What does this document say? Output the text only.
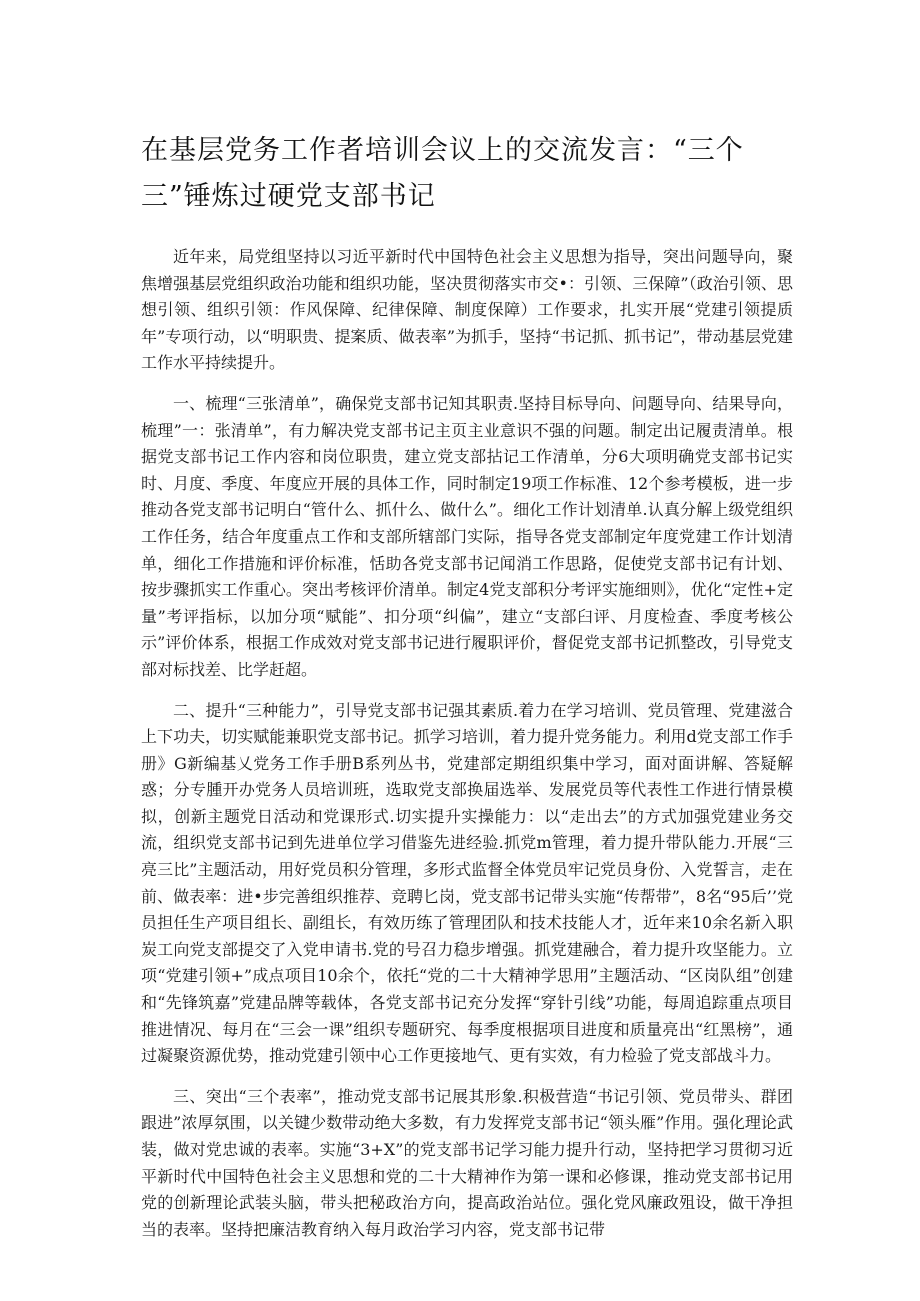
在基层党务工作者培训会议上的交流发言：“三个三”锤炼过硬党支部书记

近年来，局党组坚持以习近平新时代中国特色社会主义思想为指导，突出问题导向，聚焦增强基层党组织政治功能和组织功能，坚决贯彻落实市交•：引领、三保障”（政治引领、思想引领、组织引领：作风保障、纪律保障、制度保障）工作要求，扎实开展“党建引领提质年”专项行动，以“明职贵、提案质、做表率”为抓手，坚持“书记抓、抓书记”，带动基层党建工作水平持续提升。

一、梳理“三张清单”，确保党支部书记知其职责.坚持目标导向、问题导向、结果导向，梳理”一：张清单”，有力解决党支部书记主页主业意识不强的问题。制定出记履责清单。根据党支部书记工作内容和岗位职贵，建立党支部拈记工作清单，分6大项明确党支部书记实时、月度、季度、年度应开展的具体工作，同时制定19项工作标准、12个参考模板，进一步推动各党支部书记明白“管什么、抓什么、做什么”。细化工作计划清单.认真分解上级党组织工作任务，结合年度重点工作和支部所辖部门实际，指导各党支部制定年度党建工作计划清单，细化工作措施和评价标准，恬助各党支部书记闻消工作思路，促使党支部书记有计划、按步骤抓实工作重心。突出考核评价清单。制定4党支部积分考评实施细则》，优化“定性+定量”考评指标，以加分项“赋能”、扣分项“纠偏”，建立“支部臼评、月度检查、季度考核公示”评价体系，根据工作成效对党支部书记进行履职评价，督促党支部书记抓整改，引导党支部对标找差、比学赶超。

二、提升“三种能力”，引导党支部书记强其素质.着力在学习培训、党员管理、党建滋合上下功夫，切实赋能兼职党支部书记。抓学习培训，着力提升党务能力。利用d党支部工作手册》G新编基乂党务工作手册B系列丛书，党建部定期组织集中学习，面对面讲解、答疑解惑；分专腫开办党务人员培训班，选取党支部换届选举、发展党员等代表性工作进行情景模拟，创新主题党日活动和党课形式.切实提升实操能力：以“走出去”的方式加强党建业务交流，组织党支部书记到先进单位学习借鉴先进经验.抓党m管理，着力提升带队能力.开展“三亮三比”主题活动，用好党员积分管理，多形式监督全体党员牢记党员身份、入党誓言，走在前、做表率：进•步完善组织推荐、竞聘匕岗，党支部书记带头实施“传帮带”，8名“95后’’党员担任生产项目组长、副组长，有效历练了管理团队和技术技能人才，近年来10余名新入职炭工向党支部提交了入党申请书.党的号召力稳步增强。抓党建融合，着力提升攻坚能力。立项“党建引领+”成点项目10余个，依托“党的二十大精神学思用”主题活动、“区岗队组”创建和“先锋筑嘉”党建品牌等载体，各党支部书记充分发挥“穿针引线”功能，每周追踪重点项目推进情况、每月在“三会一课”组织专题研究、每季度根据项目进度和质量亮出“红黑榜”，通过凝聚资源优势，推动党建引领中心工作更接地气、更有实效，有力检验了党支部战斗力。

三、突出“三个表率”，推动党支部书记展其形象.积极营造“书记引领、党员带头、群团跟进”浓厚氛围，以关键少数带动绝大多数，有力发挥党支部书记“领头雁”作用。强化理论武装，做对党忠诚的表率。实施“3+X”的党支部书记学习能力提升行动，坚持把学习贯彻习近平新时代中国特色社会主义思想和党的二十大精神作为第一课和必修课，推动党支部书记用党的创新理论武装头脑，带头把秘政治方向，提高政治站位。强化党风廉政殂设，做干净担当的表率。坚持把廉洁教育纳入每月政治学习内容，党支部书记带
